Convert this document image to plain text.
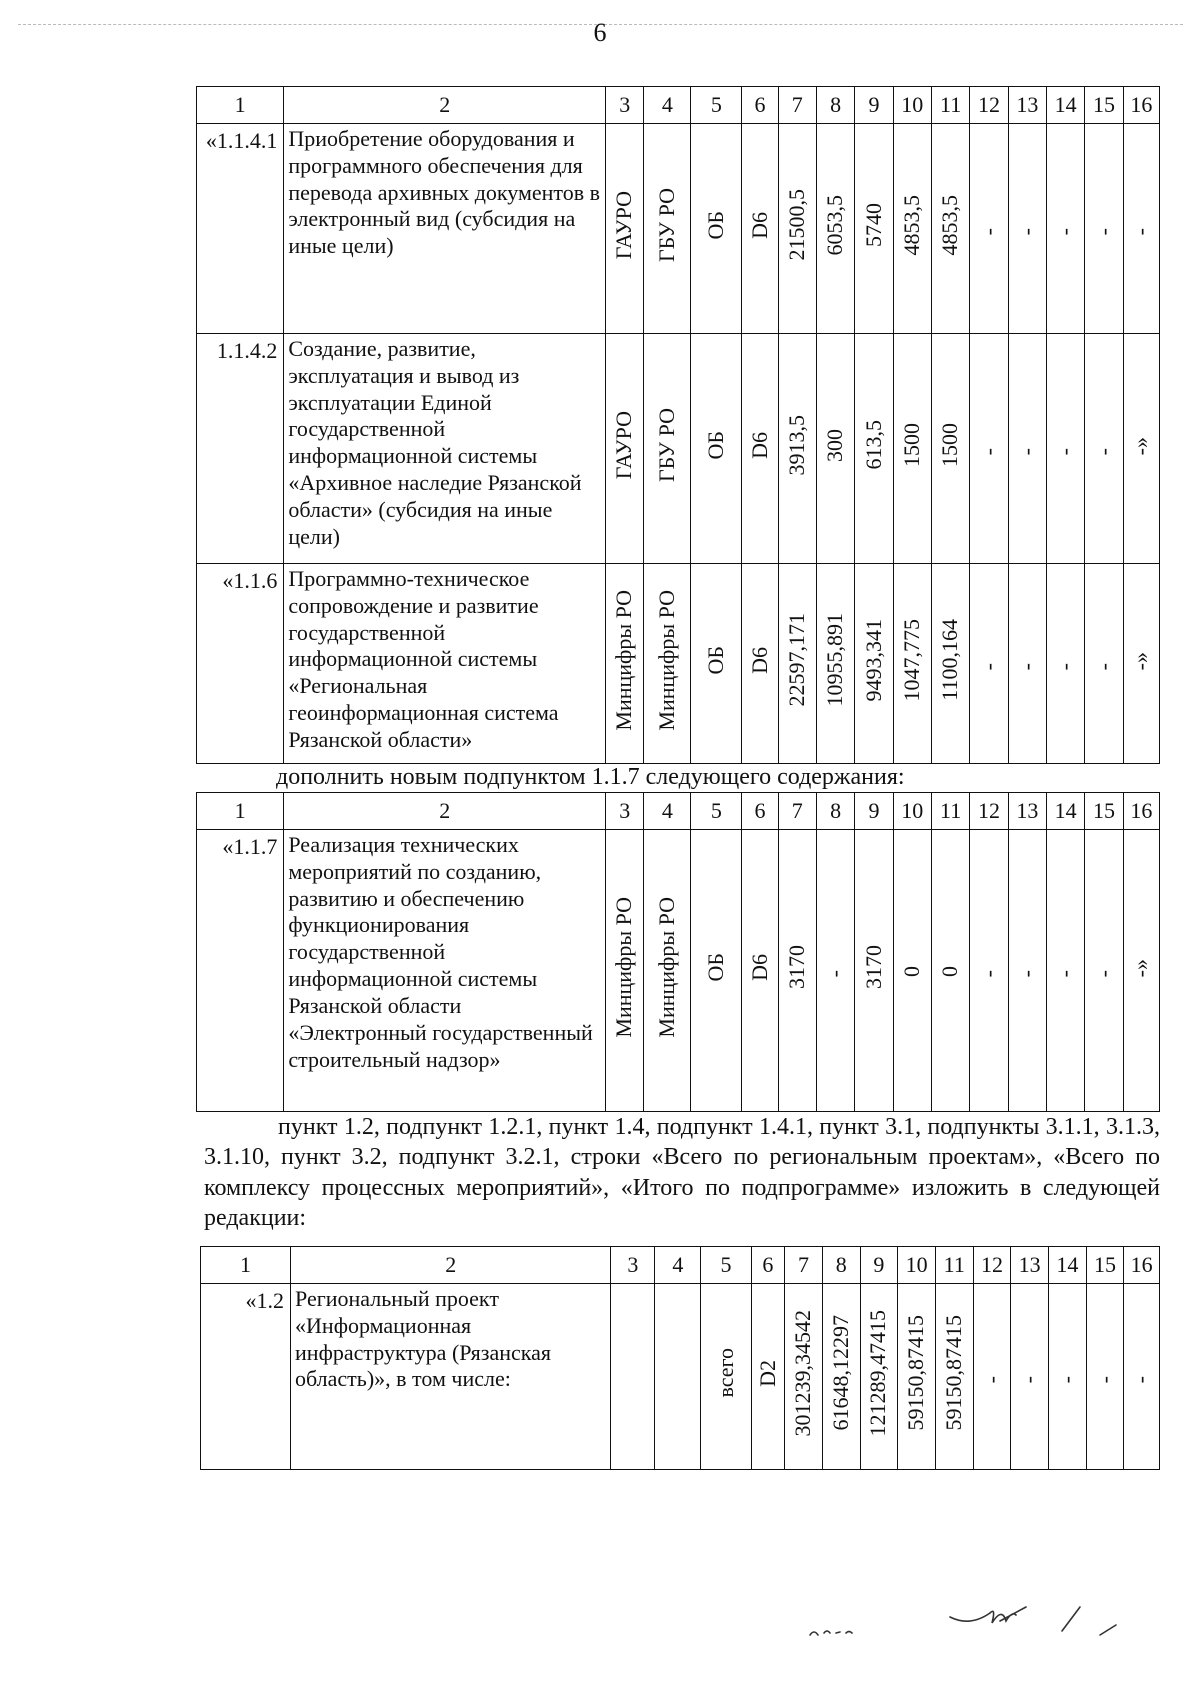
6
1	2	3	4	5	6	7	8	9	10	11	12	13	14	15	16
«1.1.4.1	Приобретение оборудования и программного обеспечения для перевода архивных документов в электронный вид (субсидия на иные цели)	ГАУРО	ГБУ РО	ОБ	D6	21500,5	6053,5	5740	4853,5	4853,5	-	-	-	-	-
1.1.4.2	Создание, развитие, эксплуатация и вывод из эксплуатации Единой государственной информационной системы «Архивное наследие Рязанской области» (субсидия на иные цели)	ГАУРО	ГБУ РО	ОБ	D6	3913,5	300	613,5	1500	1500	-	-	-	-	-»
«1.1.6	Программно-техническое сопровождение и развитие государственной информационной системы «Региональная геоинформационная система Рязанской области»	Минцифры РО	Минцифры РО	ОБ	D6	22597,171	10955,891	9493,341	1047,775	1100,164	-	-	-	-	-»
дополнить новым подпунктом 1.1.7 следующего содержания:
1	2	3	4	5	6	7	8	9	10	11	12	13	14	15	16
«1.1.7	Реализация технических мероприятий по созданию, развитию и обеспечению функционирования государственной информационной системы Рязанской области «Электронный государственный строительный надзор»	Минцифры РО	Минцифры РО	ОБ	D6	3170	-	3170	0	0	-	-	-	-	-»
пункт 1.2, подпункт 1.2.1, пункт 1.4, подпункт 1.4.1, пункт 3.1, подпункты 3.1.1, 3.1.3, 3.1.10, пункт 3.2, подпункт 3.2.1, строки «Всего по региональным проектам», «Всего по комплексу процессных мероприятий», «Итого по подпрограмме» изложить в следующей редакции:
1	2	3	4	5	6	7	8	9	10	11	12	13	14	15	16
«1.2	Региональный проект «Информационная инфраструктура (Рязанская область)», в том числе:			всего	D2	301239,34542	61648,12297	121289,47415	59150,87415	59150,87415	-	-	-	-	-
